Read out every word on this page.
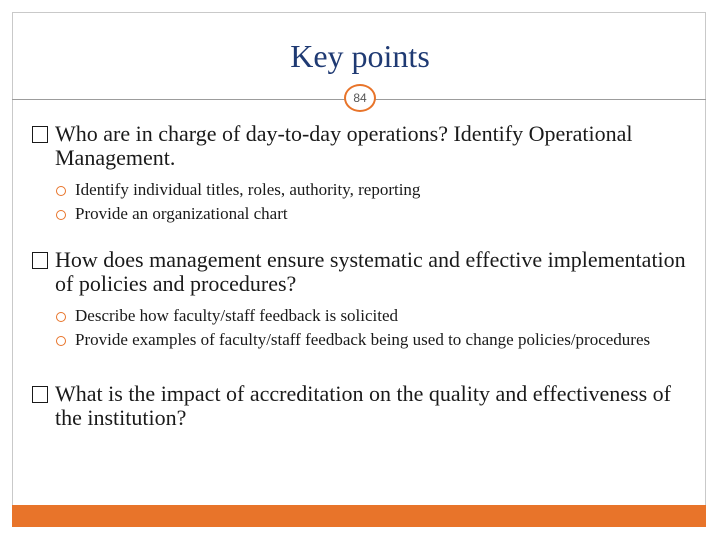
Key points
84
Who are in charge of day-to-day operations? Identify Operational Management.
Identify individual titles, roles, authority, reporting
Provide an organizational chart
How does management ensure systematic and effective implementation of policies and procedures?
Describe how faculty/staff feedback is solicited
Provide examples of faculty/staff feedback being used to change policies/procedures
What is the impact of accreditation on the quality and effectiveness of the institution?
